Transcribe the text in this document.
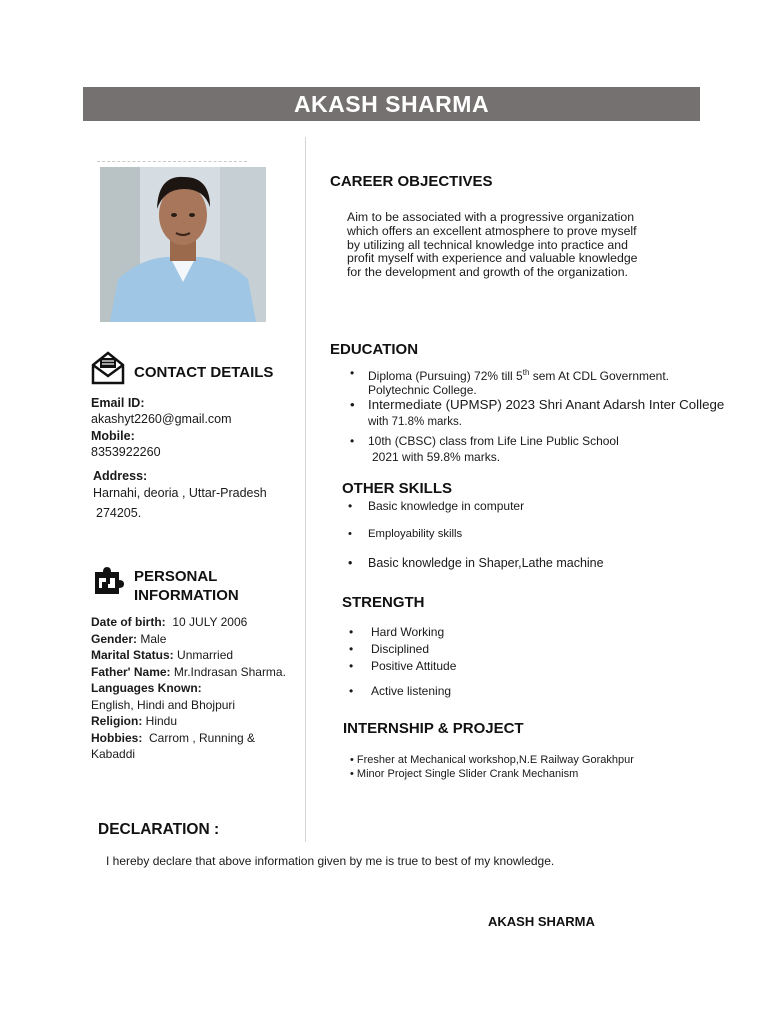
AKASH SHARMA
CONTACT DETAILS
Email ID:
akashyt2260@gmail.com
Mobile:
8353922260
Address:
Harnahi, deoria , Uttar-Pradesh
274205.
PERSONAL
INFORMATION
Date of birth: 10 JULY 2006
Gender: Male
Marital Status: Unmarried
Father' Name: Mr.Indrasan Sharma.
Languages Known:
English, Hindi and Bhojpuri
Religion: Hindu
Hobbies: Carrom , Running &
Kabaddi
CAREER OBJECTIVES
Aim to be associated with a progressive organization
which offers an excellent atmosphere to prove myself
by utilizing all technical knowledge into practice and
profit myself with experience and valuable knowledge
for the development and growth of the organization.
EDUCATION
• Diploma (Pursuing) 72% till 5th sem At CDL Government.
Polytechnic College.
• Intermediate (UPMSP) 2023 Shri Anant Adarsh Inter College
with 71.8% marks.
• 10th (CBSC) class from Life Line Public School
2021 with 59.8% marks.
OTHER SKILLS
• Basic knowledge in computer
• Employability skills
• Basic knowledge in Shaper,Lathe machine
STRENGTH
• Hard Working
• Disciplined
• Positive Attitude
• Active listening
INTERNSHIP & PROJECT
• Fresher at Mechanical workshop,N.E Railway Gorakhpur
• Minor Project Single Slider Crank Mechanism
DECLARATION :
I hereby declare that above information given by me is true to best of my knowledge.
AKASH SHARMA
